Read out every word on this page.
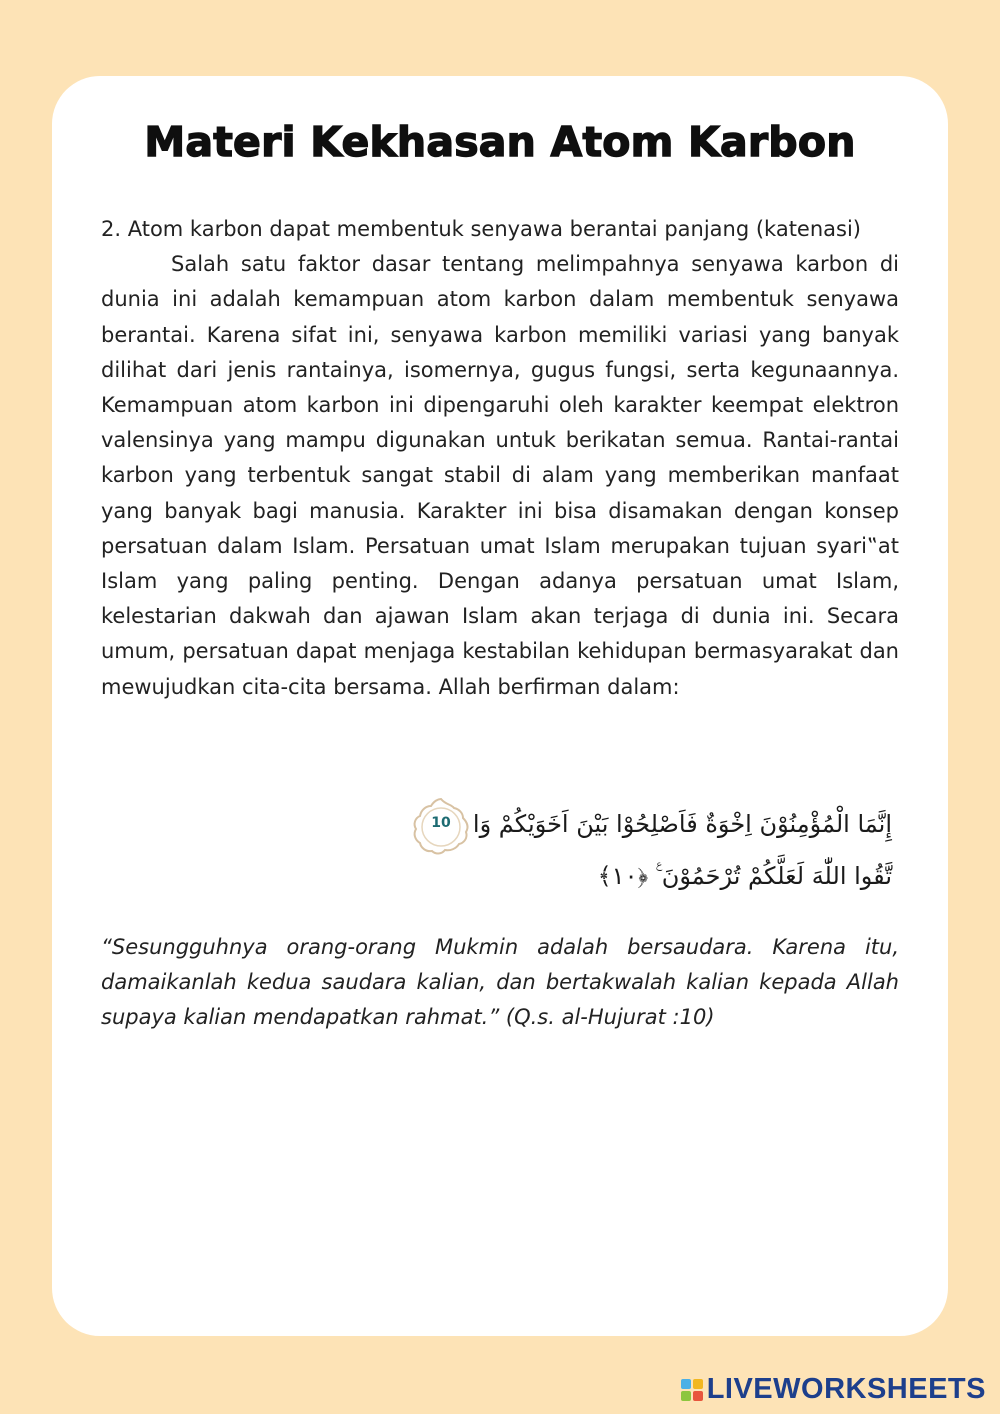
Materi Kekhasan Atom Karbon

2. Atom karbon dapat membentuk senyawa berantai panjang (katenasi)

Salah satu faktor dasar tentang melimpahnya senyawa karbon di dunia ini adalah kemampuan atom karbon dalam membentuk senyawa berantai. Karena sifat ini, senyawa karbon memiliki variasi yang banyak dilihat dari jenis rantainya, isomernya, gugus fungsi, serta kegunaannya. Kemampuan atom karbon ini dipengaruhi oleh karakter keempat elektron valensinya yang mampu digunakan untuk berikatan semua. Rantai-rantai karbon yang terbentuk sangat stabil di alam yang memberikan manfaat yang banyak bagi manusia. Karakter ini bisa disamakan dengan konsep persatuan dalam Islam. Persatuan umat Islam merupakan tujuan syari‟at Islam yang paling penting. Dengan adanya persatuan umat Islam, kelestarian dakwah dan ajawan Islam akan terjaga di dunia ini. Secara umum, persatuan dapat menjaga kestabilan kehidupan bermasyarakat dan mewujudkan cita-cita bersama. Allah berfirman dalam:

10 إِنَّمَا الْمُؤْمِنُوْنَ اِخْوَةٌ فَاَصْلِحُوْا بَيْنَ اَخَوَيْكُمْ وَا
تَّقُوا اللّٰهَ لَعَلَّكُمْ تُرْحَمُوْنَ ࣖ ﴿١٠﴾

“Sesungguhnya orang-orang Mukmin adalah bersaudara. Karena itu, damaikanlah kedua saudara kalian, dan bertakwalah kalian kepada Allah supaya kalian mendapatkan rahmat.” (Q.s. al-Hujurat :10)

LIVEWORKSHEETS
